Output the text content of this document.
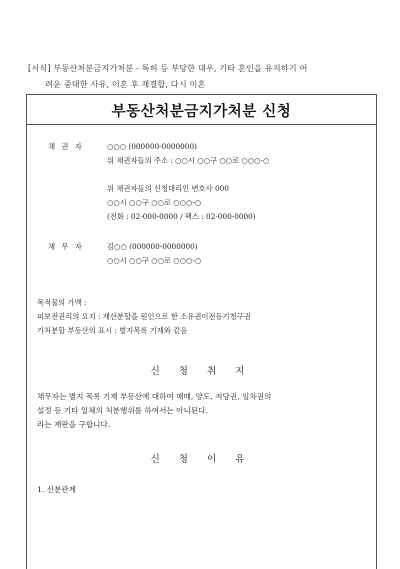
[서식] 부동산처분금지가처분 - 특허 등 부당한 대우, 기타 혼인을 유지하기 어
려운 중대한 사유, 이혼 후 재결합, 다시 이혼
부동산처분금지가처분 신청
채 권 자	○○○ (000000-0000000)
위 채권자들의 주소 : ○○시 ○○구 ○○로 ○○○-○
위 채권자들의 신청대리인 변호사 000
○○시 ○○구 ○○로 ○○○-○
(전화 : 02-000-0000 / 팩스 : 02-000-0000)
채 무 자	김○○ (000000-0000000)
○○시 ○○구 ○○로 ○○○-○
목적물의 가액 :
피보전권리의 요지 : 재산분할을 원인으로 한 소유권이전등기청구권
가처분할 부동산의 표시 : 별지목록 기재와 같음
신 청 취 지
채무자는 별지 목록 기재 부동산에 대하여 매매, 양도, 저당권, 임차권의
설정 등 기타 일체의 처분행위를 하여서는 아니된다.
라는 재판을 구합니다.
신 청 이 유
1. 신분관계
